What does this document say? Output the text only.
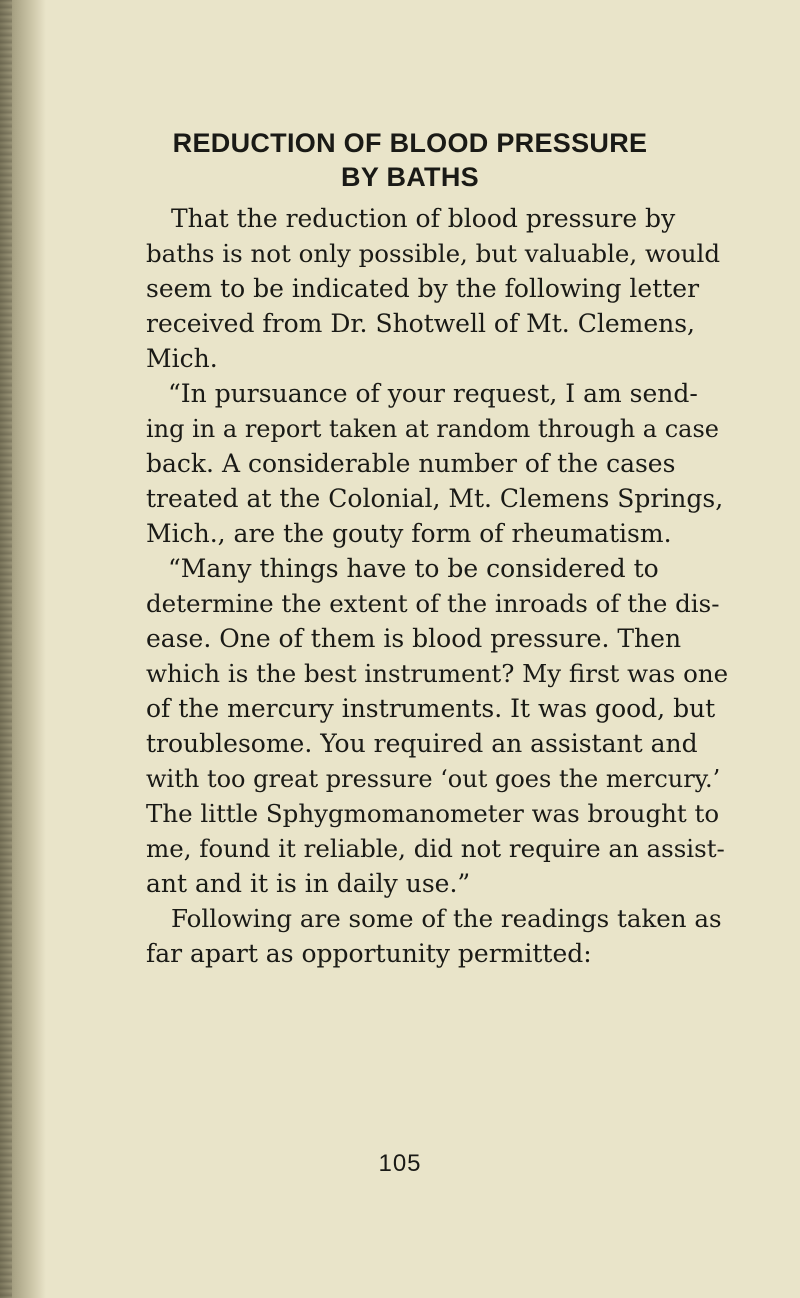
REDUCTION OF BLOOD PRESSURE
BY BATHS

That the reduction of blood pressure by

baths is not only possible, but valuable, would

seem to be indicated by the following letter

received from Dr. Shotwell of Mt. Clemens,

Mich.

“In pursuance of your request, I am send-

ing in a report taken at random through a case

back. A considerable number of the cases

treated at the Colonial, Mt. Clemens Springs,

Mich., are the gouty form of rheumatism.

“Many things have to be considered to

determine the extent of the inroads of the dis-

ease. One of them is blood pressure. Then

which is the best instrument? My first was one

of the mercury instruments. It was good, but

troublesome. You required an assistant and

with too great pressure ‘out goes the mercury.’

The little Sphygmomanometer was brought to

me, found it reliable, did not require an assist-

ant and it is in daily use.”

Following are some of the readings taken as

far apart as opportunity permitted:

105
